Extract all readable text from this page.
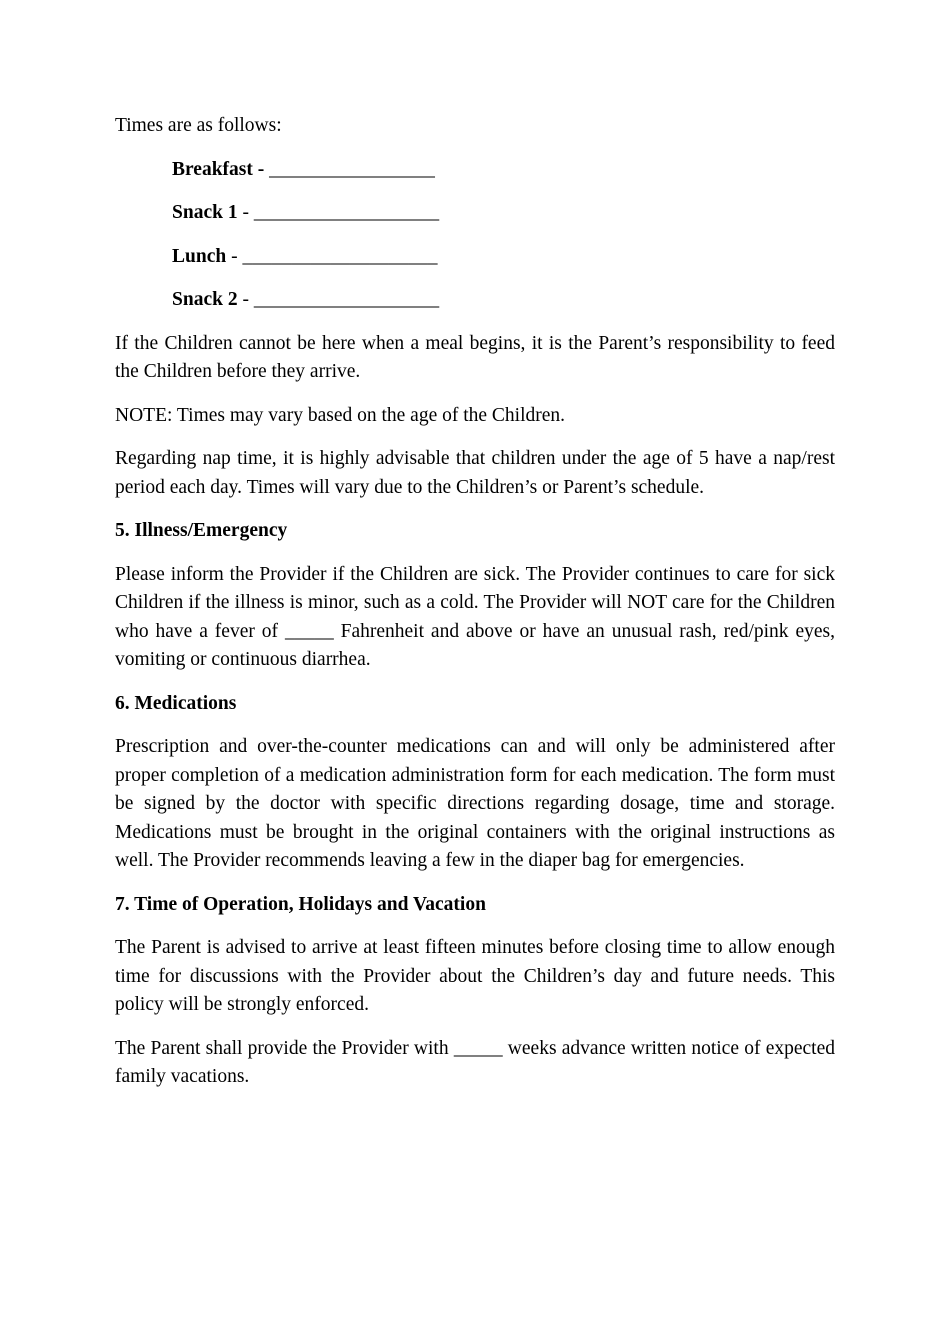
Times are as follows:

Breakfast - _________________
Snack 1 - ___________________
Lunch - ____________________
Snack 2 - ___________________

If the Children cannot be here when a meal begins, it is the Parent’s responsibility to feed the Children before they arrive.

NOTE: Times may vary based on the age of the Children.

Regarding nap time, it is highly advisable that children under the age of 5 have a nap/rest period each day. Times will vary due to the Children’s or Parent’s schedule.

5. Illness/Emergency

Please inform the Provider if the Children are sick. The Provider continues to care for sick Children if the illness is minor, such as a cold. The Provider will NOT care for the Children who have a fever of _____ Fahrenheit and above or have an unusual rash, red/pink eyes, vomiting or continuous diarrhea.

6. Medications

Prescription and over-the-counter medications can and will only be administered after proper completion of a medication administration form for each medication. The form must be signed by the doctor with specific directions regarding dosage, time and storage. Medications must be brought in the original containers with the original instructions as well. The Provider recommends leaving a few in the diaper bag for emergencies.

7. Time of Operation, Holidays and Vacation

The Parent is advised to arrive at least fifteen minutes before closing time to allow enough time for discussions with the Provider about the Children’s day and future needs. This policy will be strongly enforced.

The Parent shall provide the Provider with _____ weeks advance written notice of expected family vacations.
